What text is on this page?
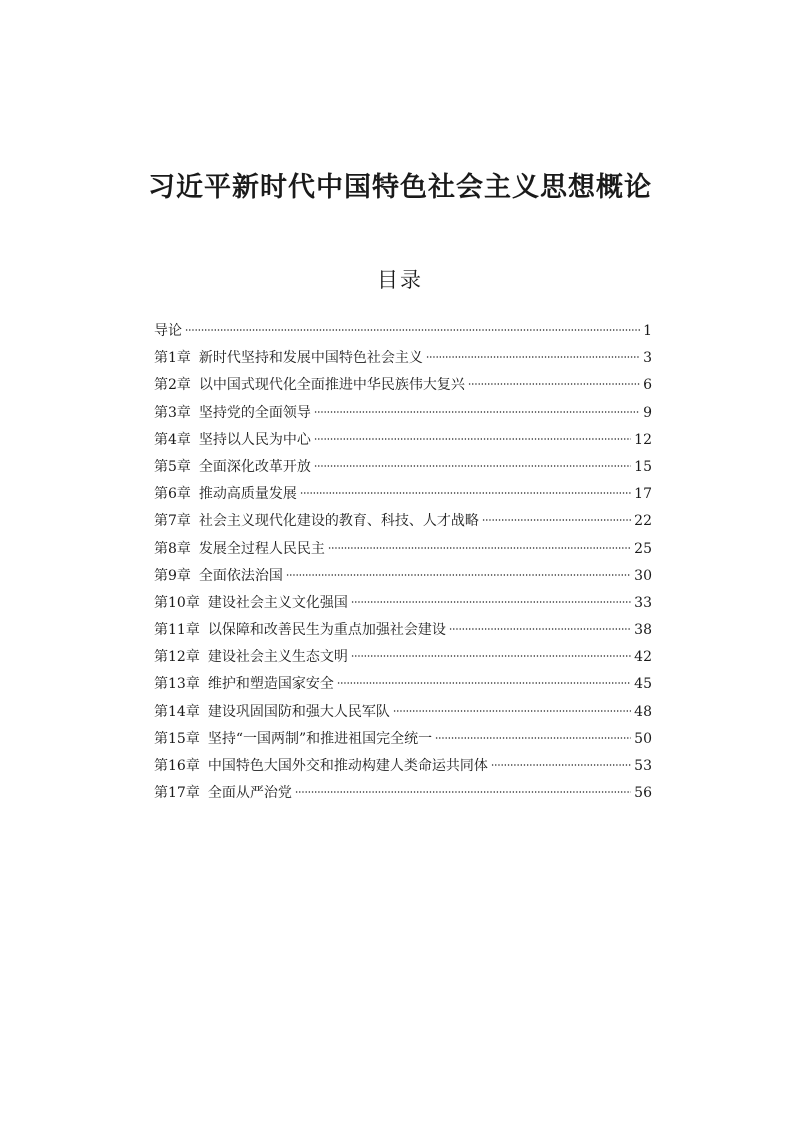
习近平新时代中国特色社会主义思想概论
目录
导论	1
第1章 新时代坚持和发展中国特色社会主义	3
第2章 以中国式现代化全面推进中华民族伟大复兴	6
第3章 坚持党的全面领导	9
第4章 坚持以人民为中心	12
第5章 全面深化改革开放	15
第6章 推动高质量发展	17
第7章 社会主义现代化建设的教育、科技、人才战略	22
第8章 发展全过程人民民主	25
第9章 全面依法治国	30
第10章 建设社会主义文化强国	33
第11章 以保障和改善民生为重点加强社会建设	38
第12章 建设社会主义生态文明	42
第13章 维护和塑造国家安全	45
第14章 建设巩固国防和强大人民军队	48
第15章 坚持“一国两制”和推进祖国完全统一	50
第16章 中国特色大国外交和推动构建人类命运共同体	53
第17章 全面从严治党	56
